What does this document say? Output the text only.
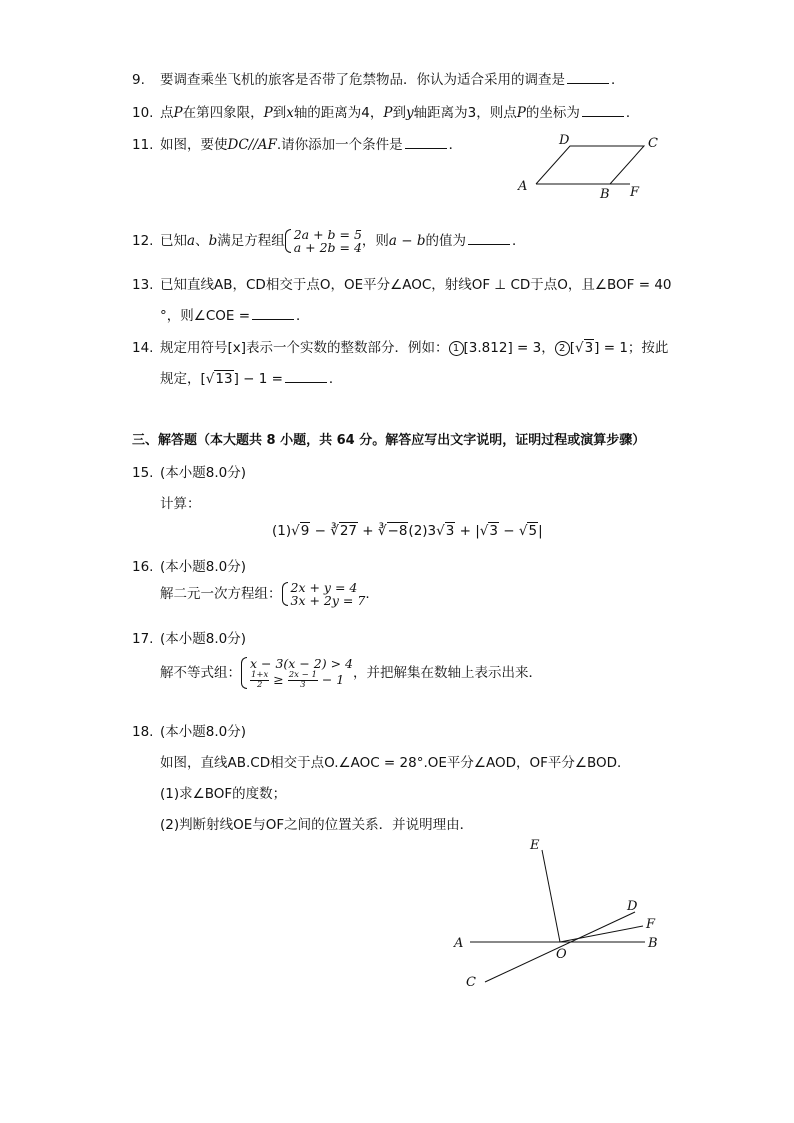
9. 要调查乘坐飞机的旅客是否带了危禁物品．你认为适合采用的调查是	．
10. 点P在第四象限，P到x轴的距离为4，P到y轴距离为3，则点P的坐标为	．
11. 如图，要使DC//AF.请你添加一个条件是	．	D	C
A
B F
12. 已知a、b满足方程组 2a + b = 5
a + 2b = 4 ，则a − b的值为	．
13. 已知直线AB，CD相交于点O，OE平分∠AOC，射线OF ⊥ CD于点O，且∠BOF = 40
°，则∠COE =	．
14. 规定用符号[x]表示一个实数的整数部分．例如： 1 [3.812] = 3， 2 [√3] = 1；按此
规定，[√13] − 1 =	．
三、解答题（本大题共 8 小题，共 64 分。解答应写出文字说明，证明过程或演算步骤）
15. (本小题8.0分)
计算：
(1)√9 − ∛27 + ∛−8(2)3√3 + |√3 − √5|
16. (本小题8.0分)
解二元一次方程组： 2x + y = 4
3x + 2y = 7 .
17. (本小题8.0分)
解不等式组：
x − 3(x − 2) > 4
$\frac{1+x}{2} \ge \frac{2x - 1}{3} - 1$ ，并把解集在数轴上表示出来．
18. (本小题8.0分)
如图，直线AB.CD相交于点O.∠AOC = 28°.OE平分∠AOD，OF平分∠BOD．
(1)求∠BOF的度数；
(2)判断射线OE与OF之间的位置关系．并说明理由．
E
D
F
A
O
B
C
